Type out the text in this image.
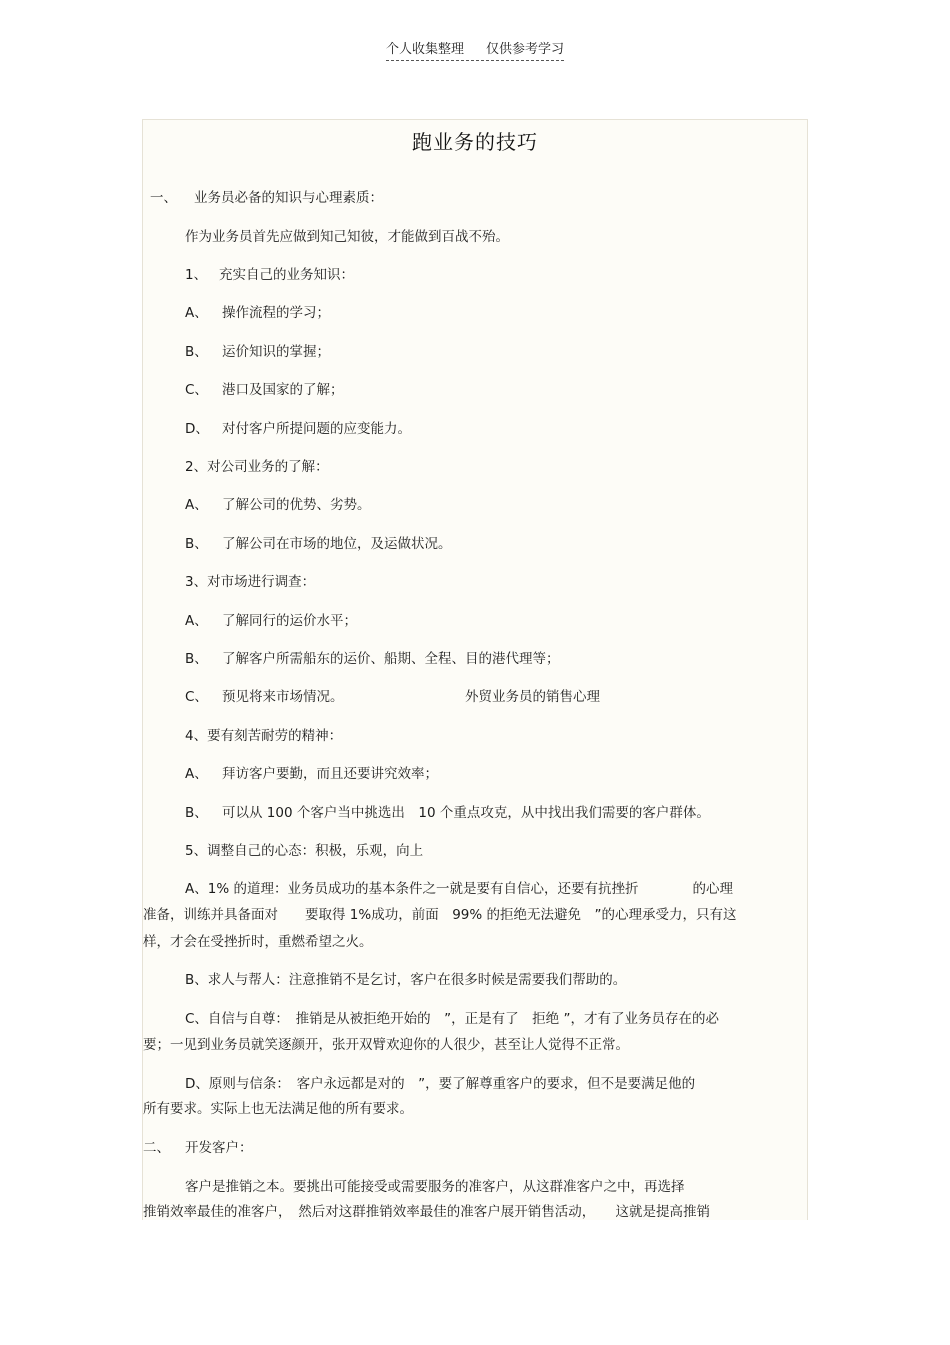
个人收集整理 仅供参考学习
跑业务的技巧
一、 业务员必备的知识与心理素质：
作为业务员首先应做到知己知彼，才能做到百战不殆。
1、 充实自己的业务知识：
A、 操作流程的学习；
B、 运价知识的掌握；
C、 港口及国家的了解；
D、 对付客户所提问题的应变能力。
2、对公司业务的了解：
A、 了解公司的优势、劣势。
B、 了解公司在市场的地位，及运做状况。
3、对市场进行调查：
A、 了解同行的运价水平；
B、 了解客户所需船东的运价、船期、全程、目的港代理等；
C、 预见将来市场情况。	外贸业务员的销售心理
4、要有刻苦耐劳的精神：
A、 拜访客户要勤，而且还要讲究效率；
B、 可以从 100 个客户当中挑选出　10 个重点攻克，从中找出我们需要的客户群体。
5、调整自己的心态：积极，乐观，向上
A、1% 的道理：业务员成功的基本条件之一就是要有自信心，还要有抗挫折　　　　的心理
准备，训练并具备面对　　要取得 1%成功，前面　99% 的拒绝无法避免　”的心理承受力，只有这
样，才会在受挫折时，重燃希望之火。
B、求人与帮人：注意推销不是乞讨，客户在很多时候是需要我们帮助的。
C、自信与自尊：　推销是从被拒绝开始的　”，正是有了　拒绝 ”，才有了业务员存在的必
要；一见到业务员就笑逐颜开，张开双臂欢迎你的人很少，甚至让人觉得不正常。
D、原则与信条：　客户永远都是对的　”，要了解尊重客户的要求，但不是要满足他的
所有要求。实际上也无法满足他的所有要求。
二、 开发客户：
客户是推销之本。要挑出可能接受或需要服务的准客户，从这群准客户之中，再选择
推销效率最佳的准客户，　然后对这群推销效率最佳的准客户展开销售活动，　　这就是提高推销
